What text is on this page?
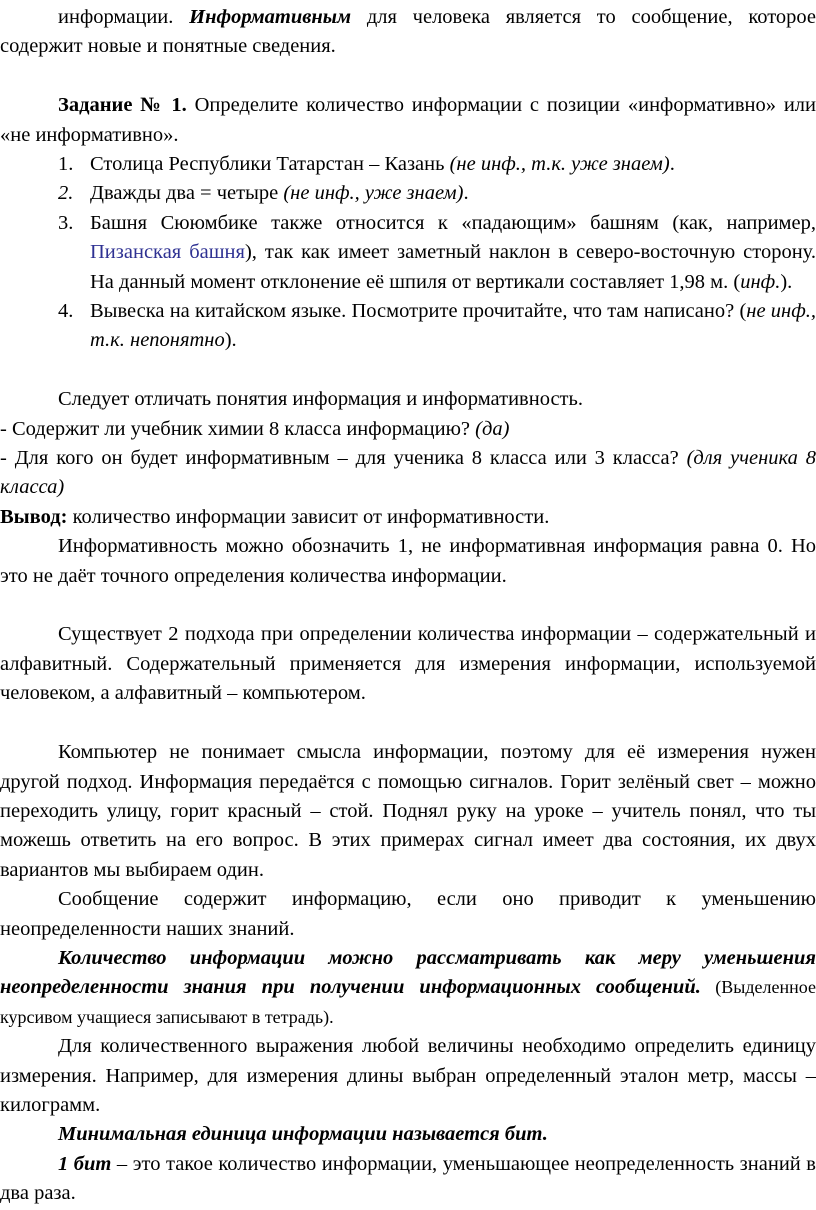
информации. Информативным для человека является то сообщение, которое содержит новые и понятные сведения.

Задание № 1. Определите количество информации с позиции «информативно» или «не информативно».

1. Столица Республики Татарстан – Казань (не инф., т.к. уже знаем).
2. Дважды два = четыре (не инф., уже знаем).
3. Башня Сююмбике также относится к «падающим» башням (как, например, Пизанская башня), так как имеет заметный наклон в северо-восточную сторону. На данный момент отклонение её шпиля от вертикали составляет 1,98 м. (инф.).
4. Вывеска на китайском языке. Посмотрите прочитайте, что там написано? (не инф., т.к. непонятно).

Следует отличать понятия информация и информативность.

- Содержит ли учебник химии 8 класса информацию? (да)

- Для кого он будет информативным – для ученика 8 класса или 3 класса? (для ученика 8 класса)

Вывод: количество информации зависит от информативности.

Информативность можно обозначить 1, не информативная информация равна 0. Но это не даёт точного определения количества информации.

Существует 2 подхода при определении количества информации – содержательный и алфавитный. Содержательный применяется для измерения информации, используемой человеком, а алфавитный – компьютером.

Компьютер не понимает смысла информации, поэтому для её измерения нужен другой подход. Информация передаётся с помощью сигналов. Горит зелёный свет – можно переходить улицу, горит красный – стой. Поднял руку на уроке – учитель понял, что ты можешь ответить на его вопрос. В этих примерах сигнал имеет два состояния, их двух вариантов мы выбираем один.

Сообщение содержит информацию, если оно приводит к уменьшению неопределенности наших знаний.

Количество информации можно рассматривать как меру уменьшения неопределенности знания при получении информационных сообщений. (Выделенное курсивом учащиеся записывают в тетрадь).

Для количественного выражения любой величины необходимо определить единицу измерения. Например, для измерения длины выбран определенный эталон метр, массы – килограмм.

Минимальная единица информации называется бит.

1 бит – это такое количество информации, уменьшающее неопределенность знаний в два раза.
